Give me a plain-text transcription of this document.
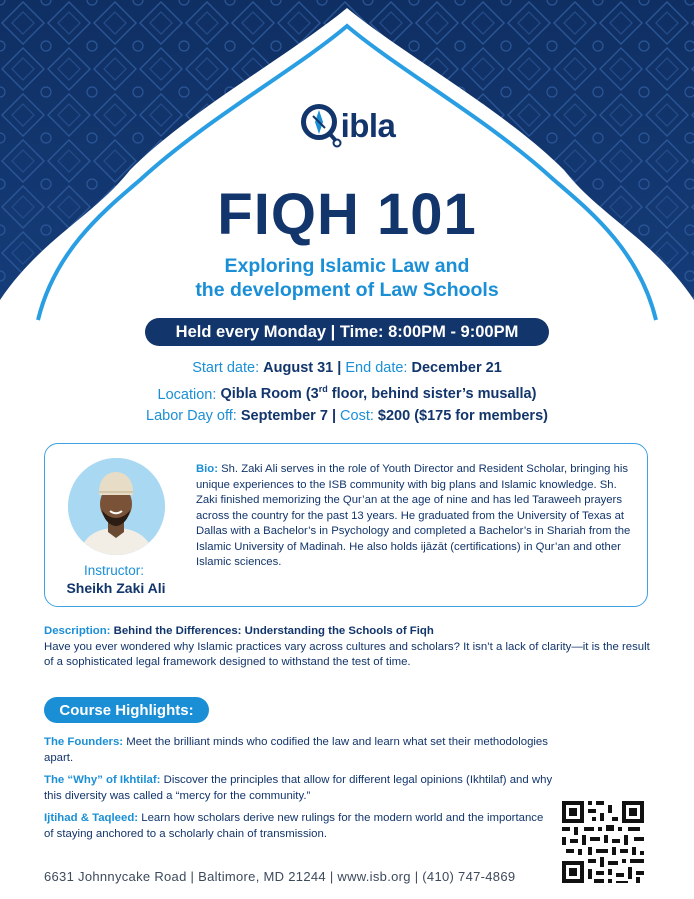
ibla
FIQH 101
Exploring Islamic Law and
the development of Law Schools
Held every Monday | Time: 8:00PM - 9:00PM
Start date: August 31 | End date: December 21
Location: Qibla Room (3rd floor, behind sister’s musalla)
Labor Day off: September 7 | Cost: $200 ($175 for members)
Instructor:
Sheikh Zaki Ali
Bio: Sh. Zaki Ali serves in the role of Youth Director and Resident Scholar, bringing his unique experiences to the ISB community with big plans and Islamic knowledge. Sh. Zaki finished memorizing the Qur’an at the age of nine and has led Taraweeh prayers across the country for the past 13 years. He graduated from the University of Texas at Dallas with a Bachelor’s in Psychology and completed a Bachelor’s in Shariah from the Islamic University of Madinah. He also holds ijāzāt (certifications) in Qur’an and other Islamic sciences.
Description: Behind the Differences: Understanding the Schools of Fiqh
Have you ever wondered why Islamic practices vary across cultures and scholars? It isn’t a lack of clarity—it is the result of a sophisticated legal framework designed to withstand the test of time.
Course Highlights:
The Founders: Meet the brilliant minds who codified the law and learn what set their methodologies apart.
The “Why” of Ikhtilaf: Discover the principles that allow for different legal opinions (Ikhtilaf) and why this diversity was called a “mercy for the community.”
Ijtihad & Taqleed: Learn how scholars derive new rulings for the modern world and the importance of staying anchored to a scholarly chain of transmission.
6631 Johnnycake Road | Baltimore, MD 21244 | www.isb.org | (410) 747-4869
